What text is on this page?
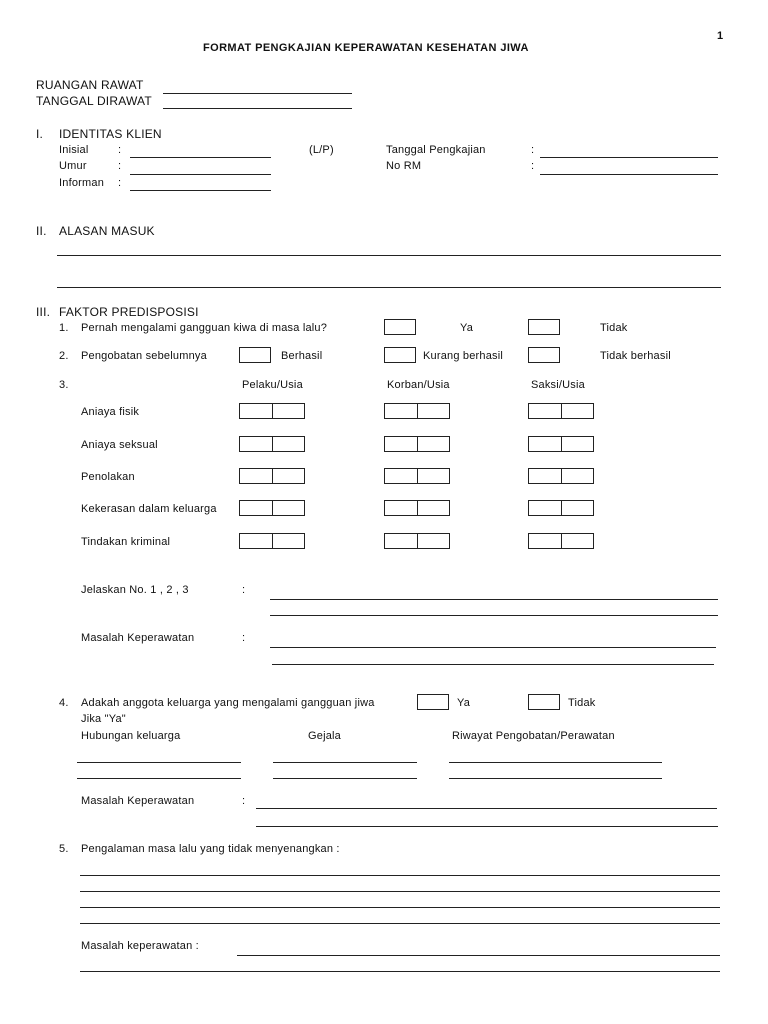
1
FORMAT PENGKAJIAN KEPERAWATAN KESEHATAN JIWA
RUANGAN RAWAT
TANGGAL DIRAWAT
I. IDENTITAS KLIEN
Inisial	:	(L/P)	Tanggal Pengkajian	:
Umur	:	No RM	:
Informan :
II. ALASAN MASUK
III. FAKTOR PREDISPOSISI
1. Pernah mengalami gangguan kiwa di masa lalu?	Ya	Tidak
2. Pengobatan sebelumnya	Berhasil	Kurang berhasil	Tidak berhasil
3.	Pelaku/Usia	Korban/Usia	Saksi/Usia
Aniaya fisik
Aniaya seksual
Penolakan
Kekerasan dalam keluarga
Tindakan kriminal
Jelaskan No. 1 , 2 , 3	:
Masalah Keperawatan	:
4. Adakah anggota keluarga yang mengalami gangguan jiwa	Ya	Tidak
Jika "Ya"
Hubungan keluarga	Gejala	Riwayat Pengobatan/Perawatan
Masalah Keperawatan	:
5. Pengalaman masa lalu yang tidak menyenangkan :
Masalah keperawatan :
